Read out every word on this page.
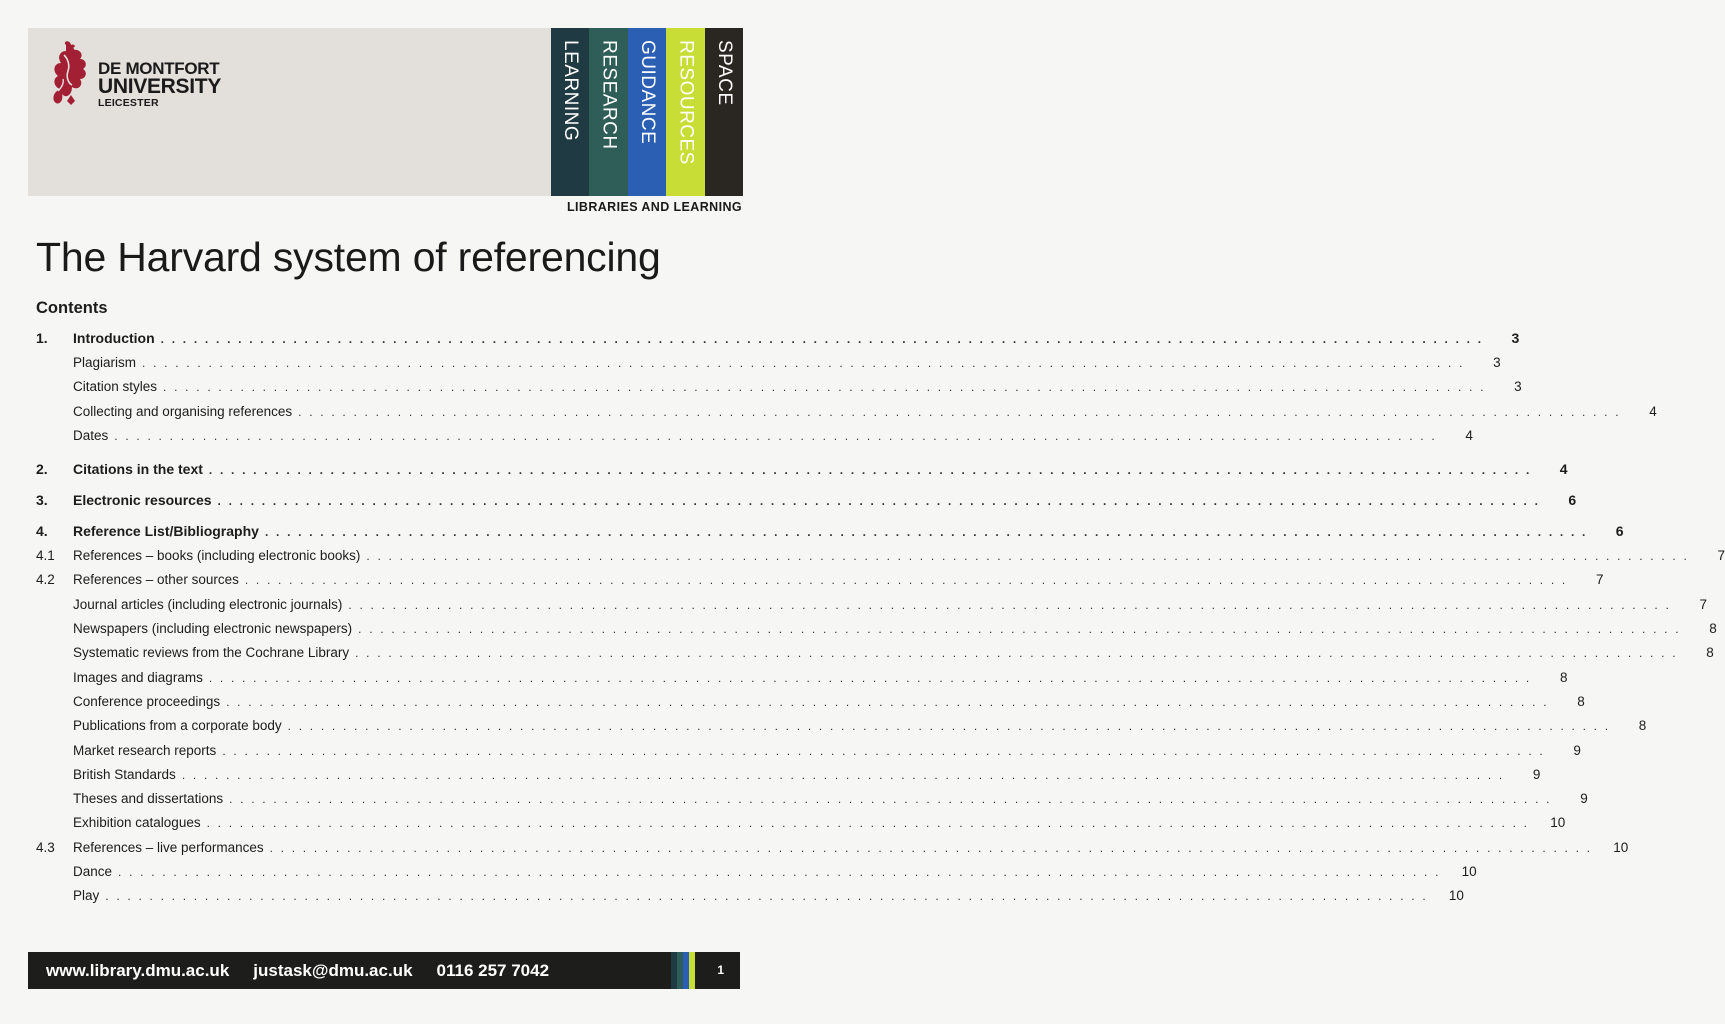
DE MONTFORT
UNIVERSITY
LEICESTER	LEARNING RESEARCH GUIDANCE RESOURCES SPACE
LIBRARIES AND LEARNING
The Harvard system of referencing
Contents
1.	Introduction . . . . . . . . . . . . . . . . . . . . . . . . . . . . . . . . . . . . . . . . . . . . . . . . . . . . . . . . . . . . . . . . . . . . . . . . . . . . . . . . . . . . . . . . . . . . . . . . . . . . . . . . . . . . . . . . . . . . . . . .	3
Plagiarism . . . . . . . . . . . . . . . . . . . . . . . . . . . . . . . . . . . . . . . . . . . . . . . . . . . . . . . . . . . . . . . . . . . . . . . . . . . . . . . . . . . . . . . . . . . . . . . . . . . . . . . . . . . . . . . . . . . . . . . .	3
Citation styles . . . . . . . . . . . . . . . . . . . . . . . . . . . . . . . . . . . . . . . . . . . . . . . . . . . . . . . . . . . . . . . . . . . . . . . . . . . . . . . . . . . . . . . . . . . . . . . . . . . . . . . . . . . . . . . . . . . . . . . .	3
Collecting and organising references . . . . . . . . . . . . . . . . . . . . . . . . . . . . . . . . . . . . . . . . . . . . . . . . . . . . . . . . . . . . . . . . . . . . . . . . . . . . . . . . . . . . . . . . . . . . . . . . . . . . . . . . . . . . . . . . . . . . . . . .	4
Dates . . . . . . . . . . . . . . . . . . . . . . . . . . . . . . . . . . . . . . . . . . . . . . . . . . . . . . . . . . . . . . . . . . . . . . . . . . . . . . . . . . . . . . . . . . . . . . . . . . . . . . . . . . . . . . . . . . . . . . . .	4
2.	Citations in the text . . . . . . . . . . . . . . . . . . . . . . . . . . . . . . . . . . . . . . . . . . . . . . . . . . . . . . . . . . . . . . . . . . . . . . . . . . . . . . . . . . . . . . . . . . . . . . . . . . . . . . . . . . . . . . . . . . . . . . . .	4
3.	Electronic resources . . . . . . . . . . . . . . . . . . . . . . . . . . . . . . . . . . . . . . . . . . . . . . . . . . . . . . . . . . . . . . . . . . . . . . . . . . . . . . . . . . . . . . . . . . . . . . . . . . . . . . . . . . . . . . . . . . . . . . . .	6
4.	Reference List/Bibliography . . . . . . . . . . . . . . . . . . . . . . . . . . . . . . . . . . . . . . . . . . . . . . . . . . . . . . . . . . . . . . . . . . . . . . . . . . . . . . . . . . . . . . . . . . . . . . . . . . . . . . . . . . . . . . . . . . . . . . . .	6
4.1	References – books (including electronic books) . . . . . . . . . . . . . . . . . . . . . . . . . . . . . . . . . . . . . . . . . . . . . . . . . . . . . . . . . . . . . . . . . . . . . . . . . . . . . . . . . . . . . . . . . . . . . . . . . . . . . . . . . . . . . . . . . . . . . . . .	7
4.2	References – other sources . . . . . . . . . . . . . . . . . . . . . . . . . . . . . . . . . . . . . . . . . . . . . . . . . . . . . . . . . . . . . . . . . . . . . . . . . . . . . . . . . . . . . . . . . . . . . . . . . . . . . . . . . . . . . . . . . . . . . . . .	7
Journal articles (including electronic journals) . . . . . . . . . . . . . . . . . . . . . . . . . . . . . . . . . . . . . . . . . . . . . . . . . . . . . . . . . . . . . . . . . . . . . . . . . . . . . . . . . . . . . . . . . . . . . . . . . . . . . . . . . . . . . . . . . . . . . . . .	7
Newspapers (including electronic newspapers) . . . . . . . . . . . . . . . . . . . . . . . . . . . . . . . . . . . . . . . . . . . . . . . . . . . . . . . . . . . . . . . . . . . . . . . . . . . . . . . . . . . . . . . . . . . . . . . . . . . . . . . . . . . . . . . . . . . . . . . .	8
Systematic reviews from the Cochrane Library . . . . . . . . . . . . . . . . . . . . . . . . . . . . . . . . . . . . . . . . . . . . . . . . . . . . . . . . . . . . . . . . . . . . . . . . . . . . . . . . . . . . . . . . . . . . . . . . . . . . . . . . . . . . . . . . . . . . . . . .	8
Images and diagrams . . . . . . . . . . . . . . . . . . . . . . . . . . . . . . . . . . . . . . . . . . . . . . . . . . . . . . . . . . . . . . . . . . . . . . . . . . . . . . . . . . . . . . . . . . . . . . . . . . . . . . . . . . . . . . . . . . . . . . . .	8
Conference proceedings . . . . . . . . . . . . . . . . . . . . . . . . . . . . . . . . . . . . . . . . . . . . . . . . . . . . . . . . . . . . . . . . . . . . . . . . . . . . . . . . . . . . . . . . . . . . . . . . . . . . . . . . . . . . . . . . . . . . . . . .	8
Publications from a corporate body . . . . . . . . . . . . . . . . . . . . . . . . . . . . . . . . . . . . . . . . . . . . . . . . . . . . . . . . . . . . . . . . . . . . . . . . . . . . . . . . . . . . . . . . . . . . . . . . . . . . . . . . . . . . . . . . . . . . . . . .	8
Market research reports . . . . . . . . . . . . . . . . . . . . . . . . . . . . . . . . . . . . . . . . . . . . . . . . . . . . . . . . . . . . . . . . . . . . . . . . . . . . . . . . . . . . . . . . . . . . . . . . . . . . . . . . . . . . . . . . . . . . . . . .	9
British Standards . . . . . . . . . . . . . . . . . . . . . . . . . . . . . . . . . . . . . . . . . . . . . . . . . . . . . . . . . . . . . . . . . . . . . . . . . . . . . . . . . . . . . . . . . . . . . . . . . . . . . . . . . . . . . . . . . . . . . . . .	9
Theses and dissertations . . . . . . . . . . . . . . . . . . . . . . . . . . . . . . . . . . . . . . . . . . . . . . . . . . . . . . . . . . . . . . . . . . . . . . . . . . . . . . . . . . . . . . . . . . . . . . . . . . . . . . . . . . . . . . . . . . . . . . . .	9
Exhibition catalogues . . . . . . . . . . . . . . . . . . . . . . . . . . . . . . . . . . . . . . . . . . . . . . . . . . . . . . . . . . . . . . . . . . . . . . . . . . . . . . . . . . . . . . . . . . . . . . . . . . . . . . . . . . . . . . . . . . . . . . . .	10
4.3	References – live performances . . . . . . . . . . . . . . . . . . . . . . . . . . . . . . . . . . . . . . . . . . . . . . . . . . . . . . . . . . . . . . . . . . . . . . . . . . . . . . . . . . . . . . . . . . . . . . . . . . . . . . . . . . . . . . . . . . . . . . . .	10
Dance . . . . . . . . . . . . . . . . . . . . . . . . . . . . . . . . . . . . . . . . . . . . . . . . . . . . . . . . . . . . . . . . . . . . . . . . . . . . . . . . . . . . . . . . . . . . . . . . . . . . . . . . . . . . . . . . . . . . . . . .	10
Play . . . . . . . . . . . . . . . . . . . . . . . . . . . . . . . . . . . . . . . . . . . . . . . . . . . . . . . . . . . . . . . . . . . . . . . . . . . . . . . . . . . . . . . . . . . . . . . . . . . . . . . . . . . . . . . . . . . . . . . .	10
www.library.dmu.ac.uk justask@dmu.ac.uk 0116 257 7042	1
